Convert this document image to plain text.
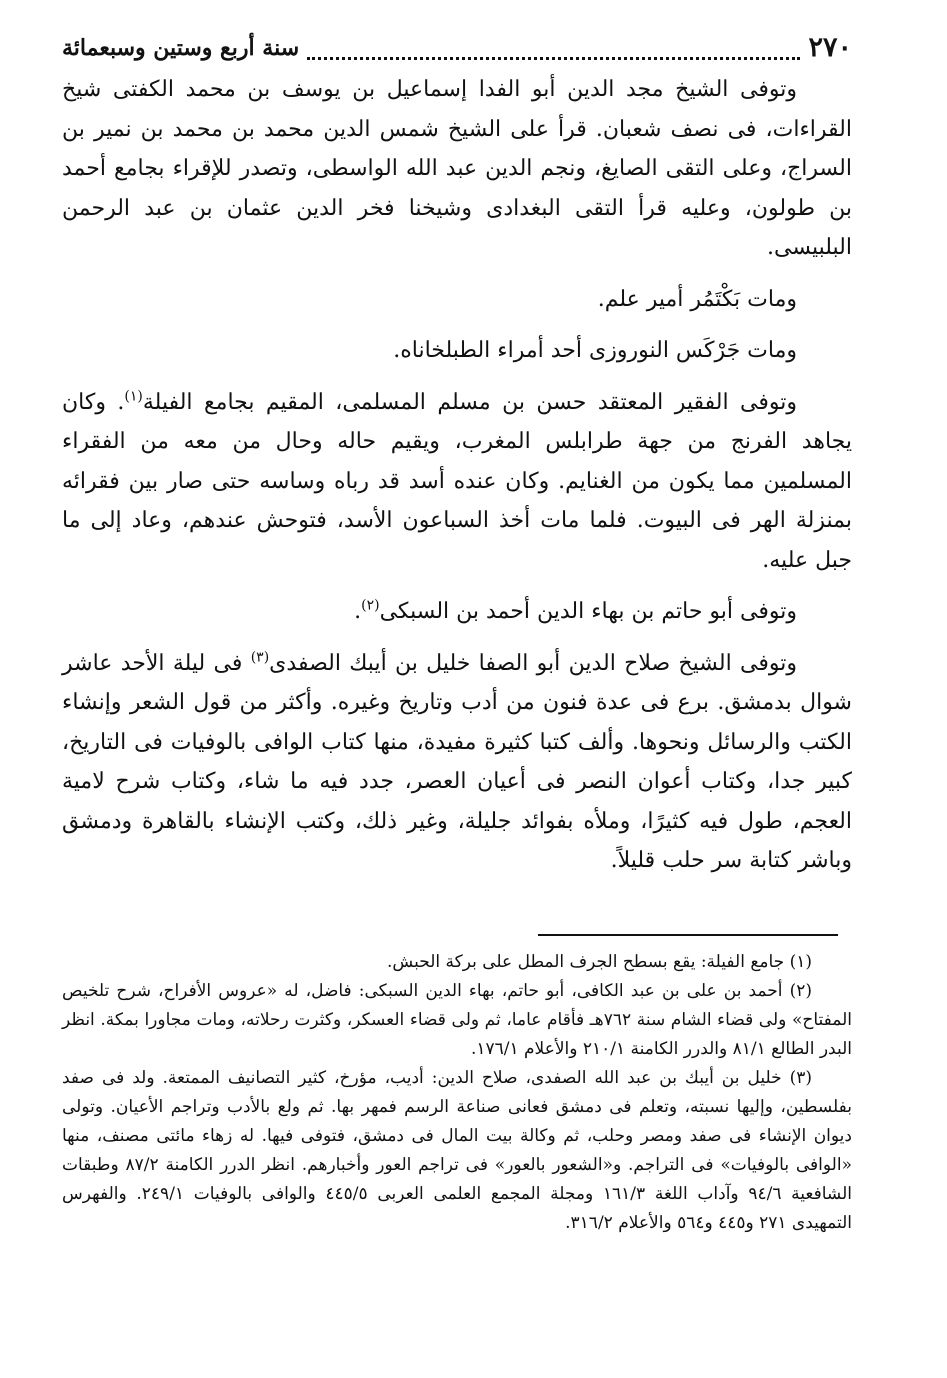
٢٧٠
سنة أربع وستين وسبعمائة

وتوفى الشيخ مجد الدين أبو الفدا إسماعيل بن يوسف بن محمد الكفتى شيخ القراءات، فى نصف شعبان. قرأ على الشيخ شمس الدين محمد بن محمد بن نمير بن السراج، وعلى التقى الصايغ، ونجم الدين عبد الله الواسطى، وتصدر للإقراء بجامع أحمد بن طولون، وعليه قرأ التقى البغدادى وشيخنا فخر الدين عثمان بن عبد الرحمن البلبيسى.

ومات بَكْتَمُر أمير علم.

ومات جَرْكَس النوروزى أحد أمراء الطبلخاناه.

وتوفى الفقير المعتقد حسن بن مسلم المسلمى، المقيم بجامع الفيلة$^{(١)}$. وكان يجاهد الفرنج من جهة طرابلس المغرب، ويقيم حاله وحال من معه من الفقراء المسلمين مما يكون من الغنايم. وكان عنده أسد قد رباه وساسه حتى صار بين فقرائه بمنزلة الهر فى البيوت. فلما مات أخذ السباعون الأسد، فتوحش عندهم، وعاد إلى ما جبل عليه.

وتوفى أبو حاتم بن بهاء الدين أحمد بن السبكى$^{(٢)}$.

وتوفى الشيخ صلاح الدين أبو الصفا خليل بن أيبك الصفدى$^{(٣)}$ فى ليلة الأحد عاشر شوال بدمشق. برع فى عدة فنون من أدب وتاريخ وغيره. وأكثر من قول الشعر وإنشاء الكتب والرسائل ونحوها. وألف كتبا كثيرة مفيدة، منها كتاب الوافى بالوفيات فى التاريخ، كبير جدا، وكتاب أعوان النصر فى أعيان العصر، جدد فيه ما شاء، وكتاب شرح لامية العجم، طول فيه كثيرًا، وملأه بفوائد جليلة، وغير ذلك، وكتب الإنشاء بالقاهرة ودمشق وباشر كتابة سر حلب قليلاً.

(١) جامع الفيلة: يقع بسطح الجرف المطل على بركة الحبش.

(٢) أحمد بن على بن عبد الكافى، أبو حاتم، بهاء الدين السبكى: فاضل، له «عروس الأفراح، شرح تلخيص المفتاح» ولى قضاء الشام سنة ٧٦٢هـ فأقام عاما، ثم ولى قضاء العسكر، وكثرت رحلاته، ومات مجاورا بمكة. انظر البدر الطالع ٨١/١ والدرر الكامنة ٢١٠/١ والأعلام ١٧٦/١.

(٣) خليل بن أيبك بن عبد الله الصفدى، صلاح الدين: أديب، مؤرخ، كثير التصانيف الممتعة. ولد فى صفد بفلسطين، وإليها نسبته، وتعلم فى دمشق فعانى صناعة الرسم فمهر بها. ثم ولع بالأدب وتراجم الأعيان. وتولى ديوان الإنشاء فى صفد ومصر وحلب، ثم وكالة بيت المال فى دمشق، فتوفى فيها. له زهاء مائتى مصنف، منها «الوافى بالوفيات» فى التراجم. و«الشعور بالعور» فى تراجم العور وأخبارهم. انظر الدرر الكامنة ٨٧/٢ وطبقات الشافعية ٩٤/٦ وآداب اللغة ١٦١/٣ ومجلة المجمع العلمى العربى ٤٤٥/٥ والوافى بالوفيات ٢٤٩/١. والفهرس التمهيدى ٢٧١ و٤٤٥ و٥٦٤ والأعلام ٣١٦/٢.
